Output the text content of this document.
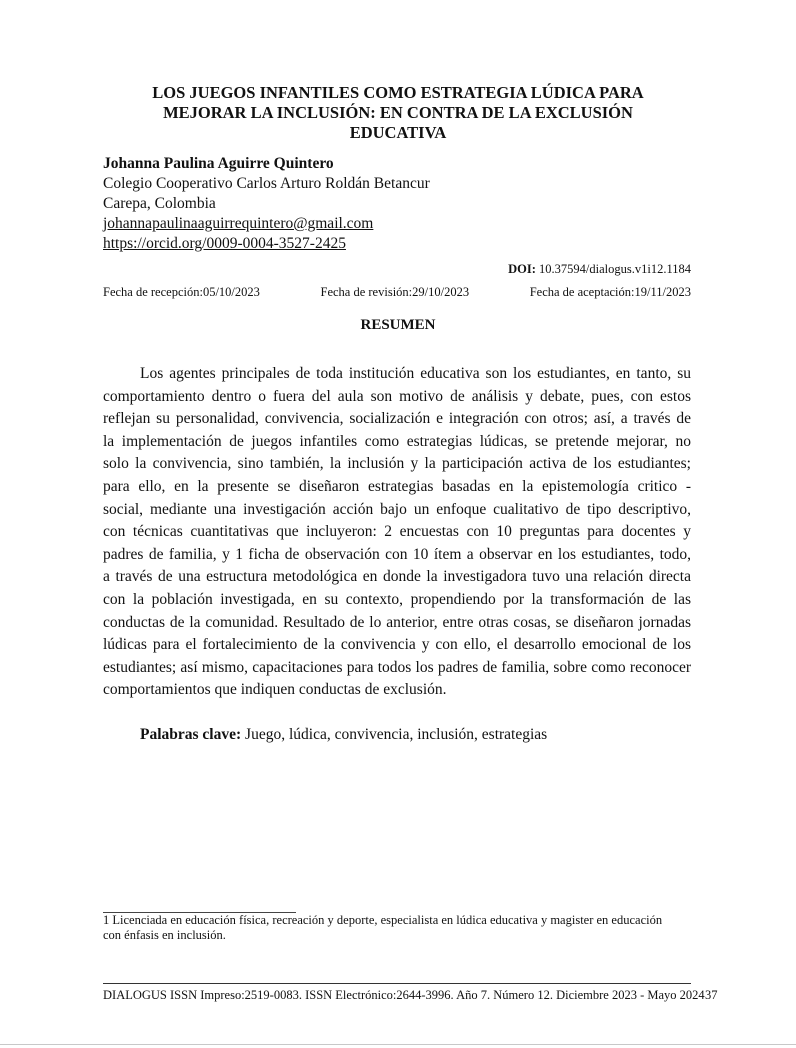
LOS JUEGOS INFANTILES COMO ESTRATEGIA LÚDICA PARA
MEJORAR LA INCLUSIÓN: EN CONTRA DE LA EXCLUSIÓN
EDUCATIVA
Johanna Paulina Aguirre Quintero
Colegio Cooperativo Carlos Arturo Roldán Betancur
Carepa, Colombia
johannapaulinaaguirrequintero@gmail.com
https://orcid.org/0009-0004-3527-2425
DOI: 10.37594/dialogus.v1i12.1184
Fecha de recepción:05/10/2023	Fecha de revisión:29/10/2023	Fecha de aceptación:19/11/2023
RESUMEN
Los agentes principales de toda institución educativa son los estudiantes, en tanto, su
comportamiento dentro o fuera del aula son motivo de análisis y debate, pues, con estos
reflejan su personalidad, convivencia, socialización e integración con otros; así, a través de
la implementación de juegos infantiles como estrategias lúdicas, se pretende mejorar, no
solo la convivencia, sino también, la inclusión y la participación activa de los estudiantes;
para ello, en la presente se diseñaron estrategias basadas en la epistemología critico -
social, mediante una investigación acción bajo un enfoque cualitativo de tipo descriptivo,
con técnicas cuantitativas que incluyeron: 2 encuestas con 10 preguntas para docentes y
padres de familia, y 1 ficha de observación con 10 ítem a observar en los estudiantes, todo,
a través de una estructura metodológica en donde la investigadora tuvo una relación directa
con la población investigada, en su contexto, propendiendo por la transformación de las
conductas de la comunidad. Resultado de lo anterior, entre otras cosas, se diseñaron jornadas
lúdicas para el fortalecimiento de la convivencia y con ello, el desarrollo emocional de los
estudiantes; así mismo, capacitaciones para todos los padres de familia, sobre como reconocer
comportamientos que indiquen conductas de exclusión.
Palabras clave: Juego, lúdica, convivencia, inclusión, estrategias
1 Licenciada en educación física, recreación y deporte, especialista en lúdica educativa y magister en educación
con énfasis en inclusión.
DIALOGUS ISSN Impreso:2519-0083. ISSN Electrónico:2644-3996. Año 7. Número 12. Diciembre 2023 - Mayo 2024 37
